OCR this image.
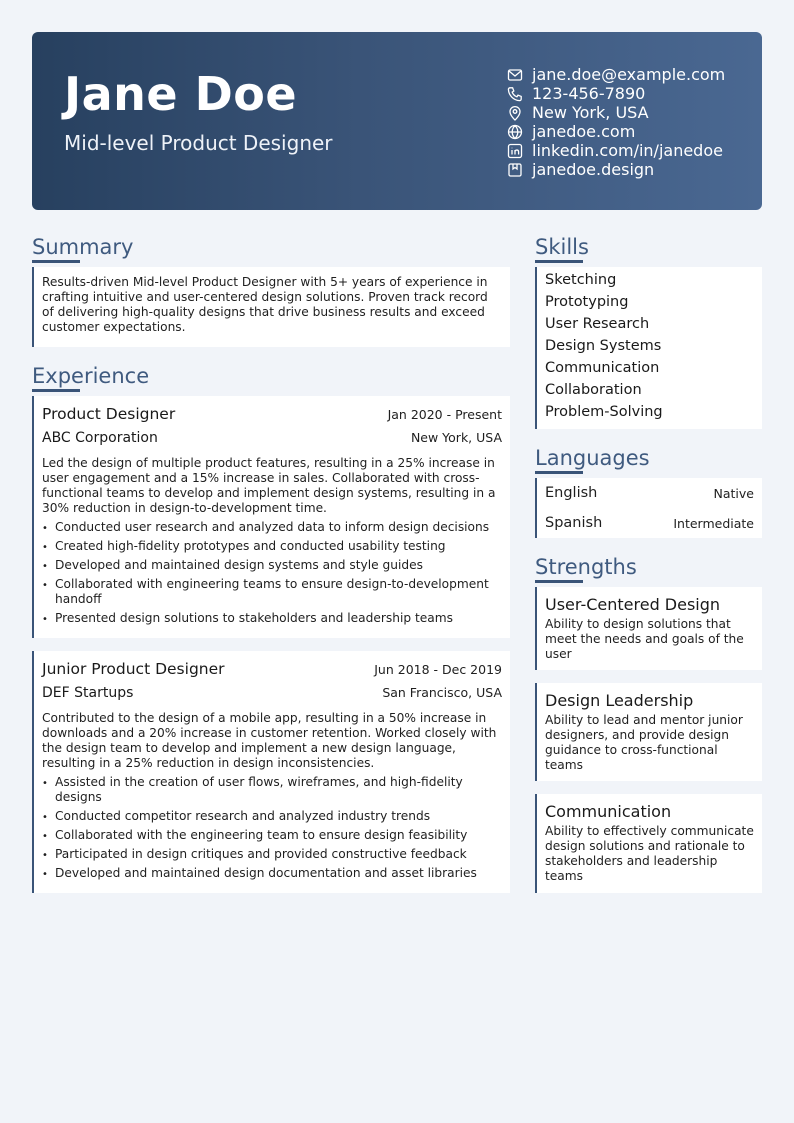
Jane Doe
Mid-level Product Designer
jane.doe@example.com
123-456-7890
New York, USA
janedoe.com
linkedin.com/in/janedoe
janedoe.design
Summary
Results-driven Mid-level Product Designer with 5+ years of experience in crafting intuitive and user-centered design solutions. Proven track record of delivering high-quality designs that drive business results and exceed customer expectations.
Experience
Product Designer	Jan 2020 - Present
ABC Corporation	New York, USA
Led the design of multiple product features, resulting in a 25% increase in user engagement and a 15% increase in sales. Collaborated with cross-functional teams to develop and implement design systems, resulting in a 30% reduction in design-to-development time.
• Conducted user research and analyzed data to inform design decisions
• Created high-fidelity prototypes and conducted usability testing
• Developed and maintained design systems and style guides
• Collaborated with engineering teams to ensure design-to-development handoff
• Presented design solutions to stakeholders and leadership teams
Junior Product Designer	Jun 2018 - Dec 2019
DEF Startups	San Francisco, USA
Contributed to the design of a mobile app, resulting in a 50% increase in downloads and a 20% increase in customer retention. Worked closely with the design team to develop and implement a new design language, resulting in a 25% reduction in design inconsistencies.
• Assisted in the creation of user flows, wireframes, and high-fidelity designs
• Conducted competitor research and analyzed industry trends
• Collaborated with the engineering team to ensure design feasibility
• Participated in design critiques and provided constructive feedback
• Developed and maintained design documentation and asset libraries
Skills
Sketching
Prototyping
User Research
Design Systems
Communication
Collaboration
Problem-Solving
Languages
English	Native
Spanish	Intermediate
Strengths
User-Centered Design
Ability to design solutions that meet the needs and goals of the user
Design Leadership
Ability to lead and mentor junior designers, and provide design guidance to cross-functional teams
Communication
Ability to effectively communicate design solutions and rationale to stakeholders and leadership teams
